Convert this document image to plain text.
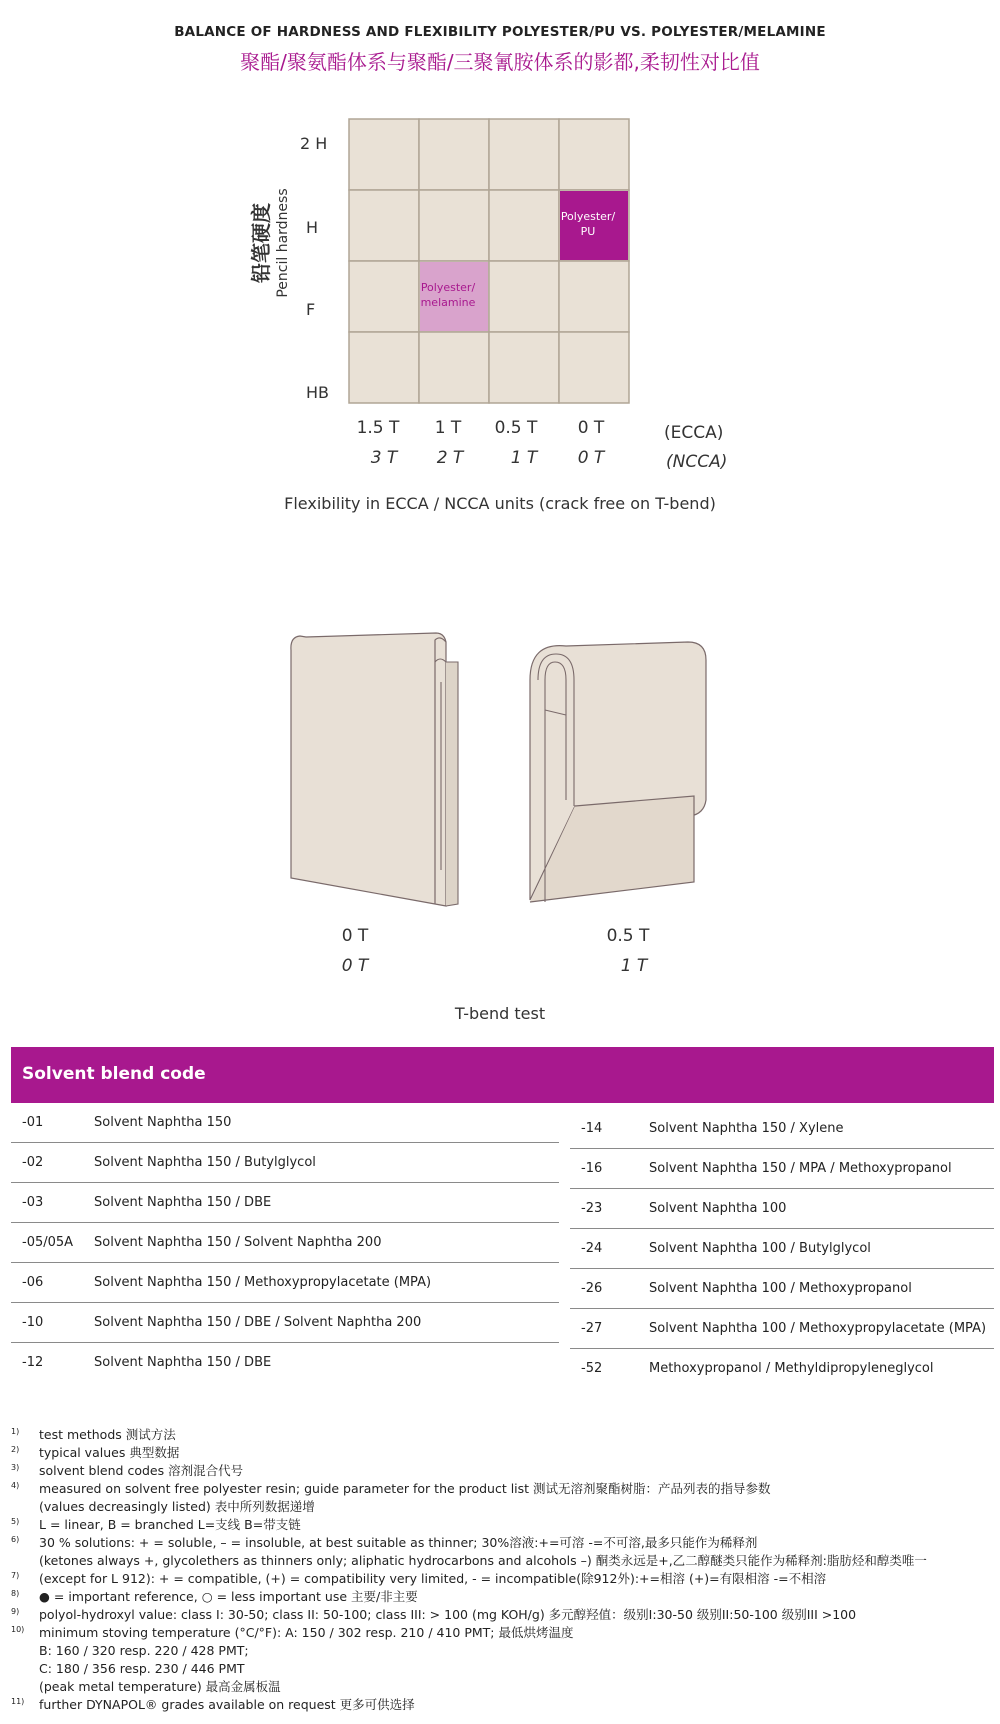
BALANCE OF HARDNESS AND FLEXIBILITY POLYESTER/PU VS. POLYESTER/MELAMINE
聚酯/聚氨酯体系与聚酯/三聚氰胺体系的影都,柔韧性对比值
Polyester/
PU
Polyester/
melamine
铅笔硬度 Pencil hardness
2 H
H
F
HB
1.5 T	1 T	0.5 T	0 T
3 T	2 T	1 T	0 T
(ECCA)
(NCCA)
Flexibility in ECCA / NCCA units (crack free on T-bend)
0 T
0 T
0.5 T
1 T
T-bend test
Solvent blend code
-01	Solvent Naphtha 150
-02	Solvent Naphtha 150 / Butylglycol
-03	Solvent Naphtha 150 / DBE
-05/05A Solvent Naphtha 150 / Solvent Naphtha 200
-06	Solvent Naphtha 150 / Methoxypropylacetate (MPA)
-10	Solvent Naphtha 150 / DBE / Solvent Naphtha 200
-12	Solvent Naphtha 150 / DBE
-14	Solvent Naphtha 150 / Xylene
-16	Solvent Naphtha 150 / MPA / Methoxypropanol
-23	Solvent Naphtha 100
-24	Solvent Naphtha 100 / Butylglycol
-26	Solvent Naphtha 100 / Methoxypropanol
-27	Solvent Naphtha 100 / Methoxypropylacetate (MPA)
-52	Methoxypropanol / Methyldipropyleneglycol
1) test methods 测试方法
2) typical values 典型数据
3) solvent blend codes 溶剂混合代号
4) measured on solvent free polyester resin; guide parameter for the product list 测试无溶剂聚酯树脂：产品列表的指导参数
(values decreasingly listed) 表中所列数据递增
5) L = linear, B = branched L=支线 B=带支链
6) 30 % solutions: + = soluble, – = insoluble, at best suitable as thinner; 30%溶液:+=可溶 -=不可溶,最多只能作为稀释剂
(ketones always +, glycolethers as thinners only; aliphatic hydrocarbons and alcohols –) 酮类永远是+,乙二醇醚类只能作为稀释剂:脂肪烃和醇类唯一
7) (except for L 912): + = compatible, (+) = compatibility very limited, - = incompatible(除912外):+=相溶 (+)=有限相溶 -=不相溶
8) ● = important reference, ○ = less important use 主要/非主要
9) polyol-hydroxyl value: class I: 30-50; class II: 50-100; class III: > 100 (mg KOH/g) 多元醇羟值：级别I:30-50 级别II:50-100 级别III >100
10) minimum stoving temperature (°C/°F): A: 150 / 302 resp. 210 / 410 PMT; 最低烘烤温度
B: 160 / 320 resp. 220 / 428 PMT;
C: 180 / 356 resp. 230 / 446 PMT
(peak metal temperature) 最高金属板温
11) further DYNAPOL® grades available on request 更多可供选择
